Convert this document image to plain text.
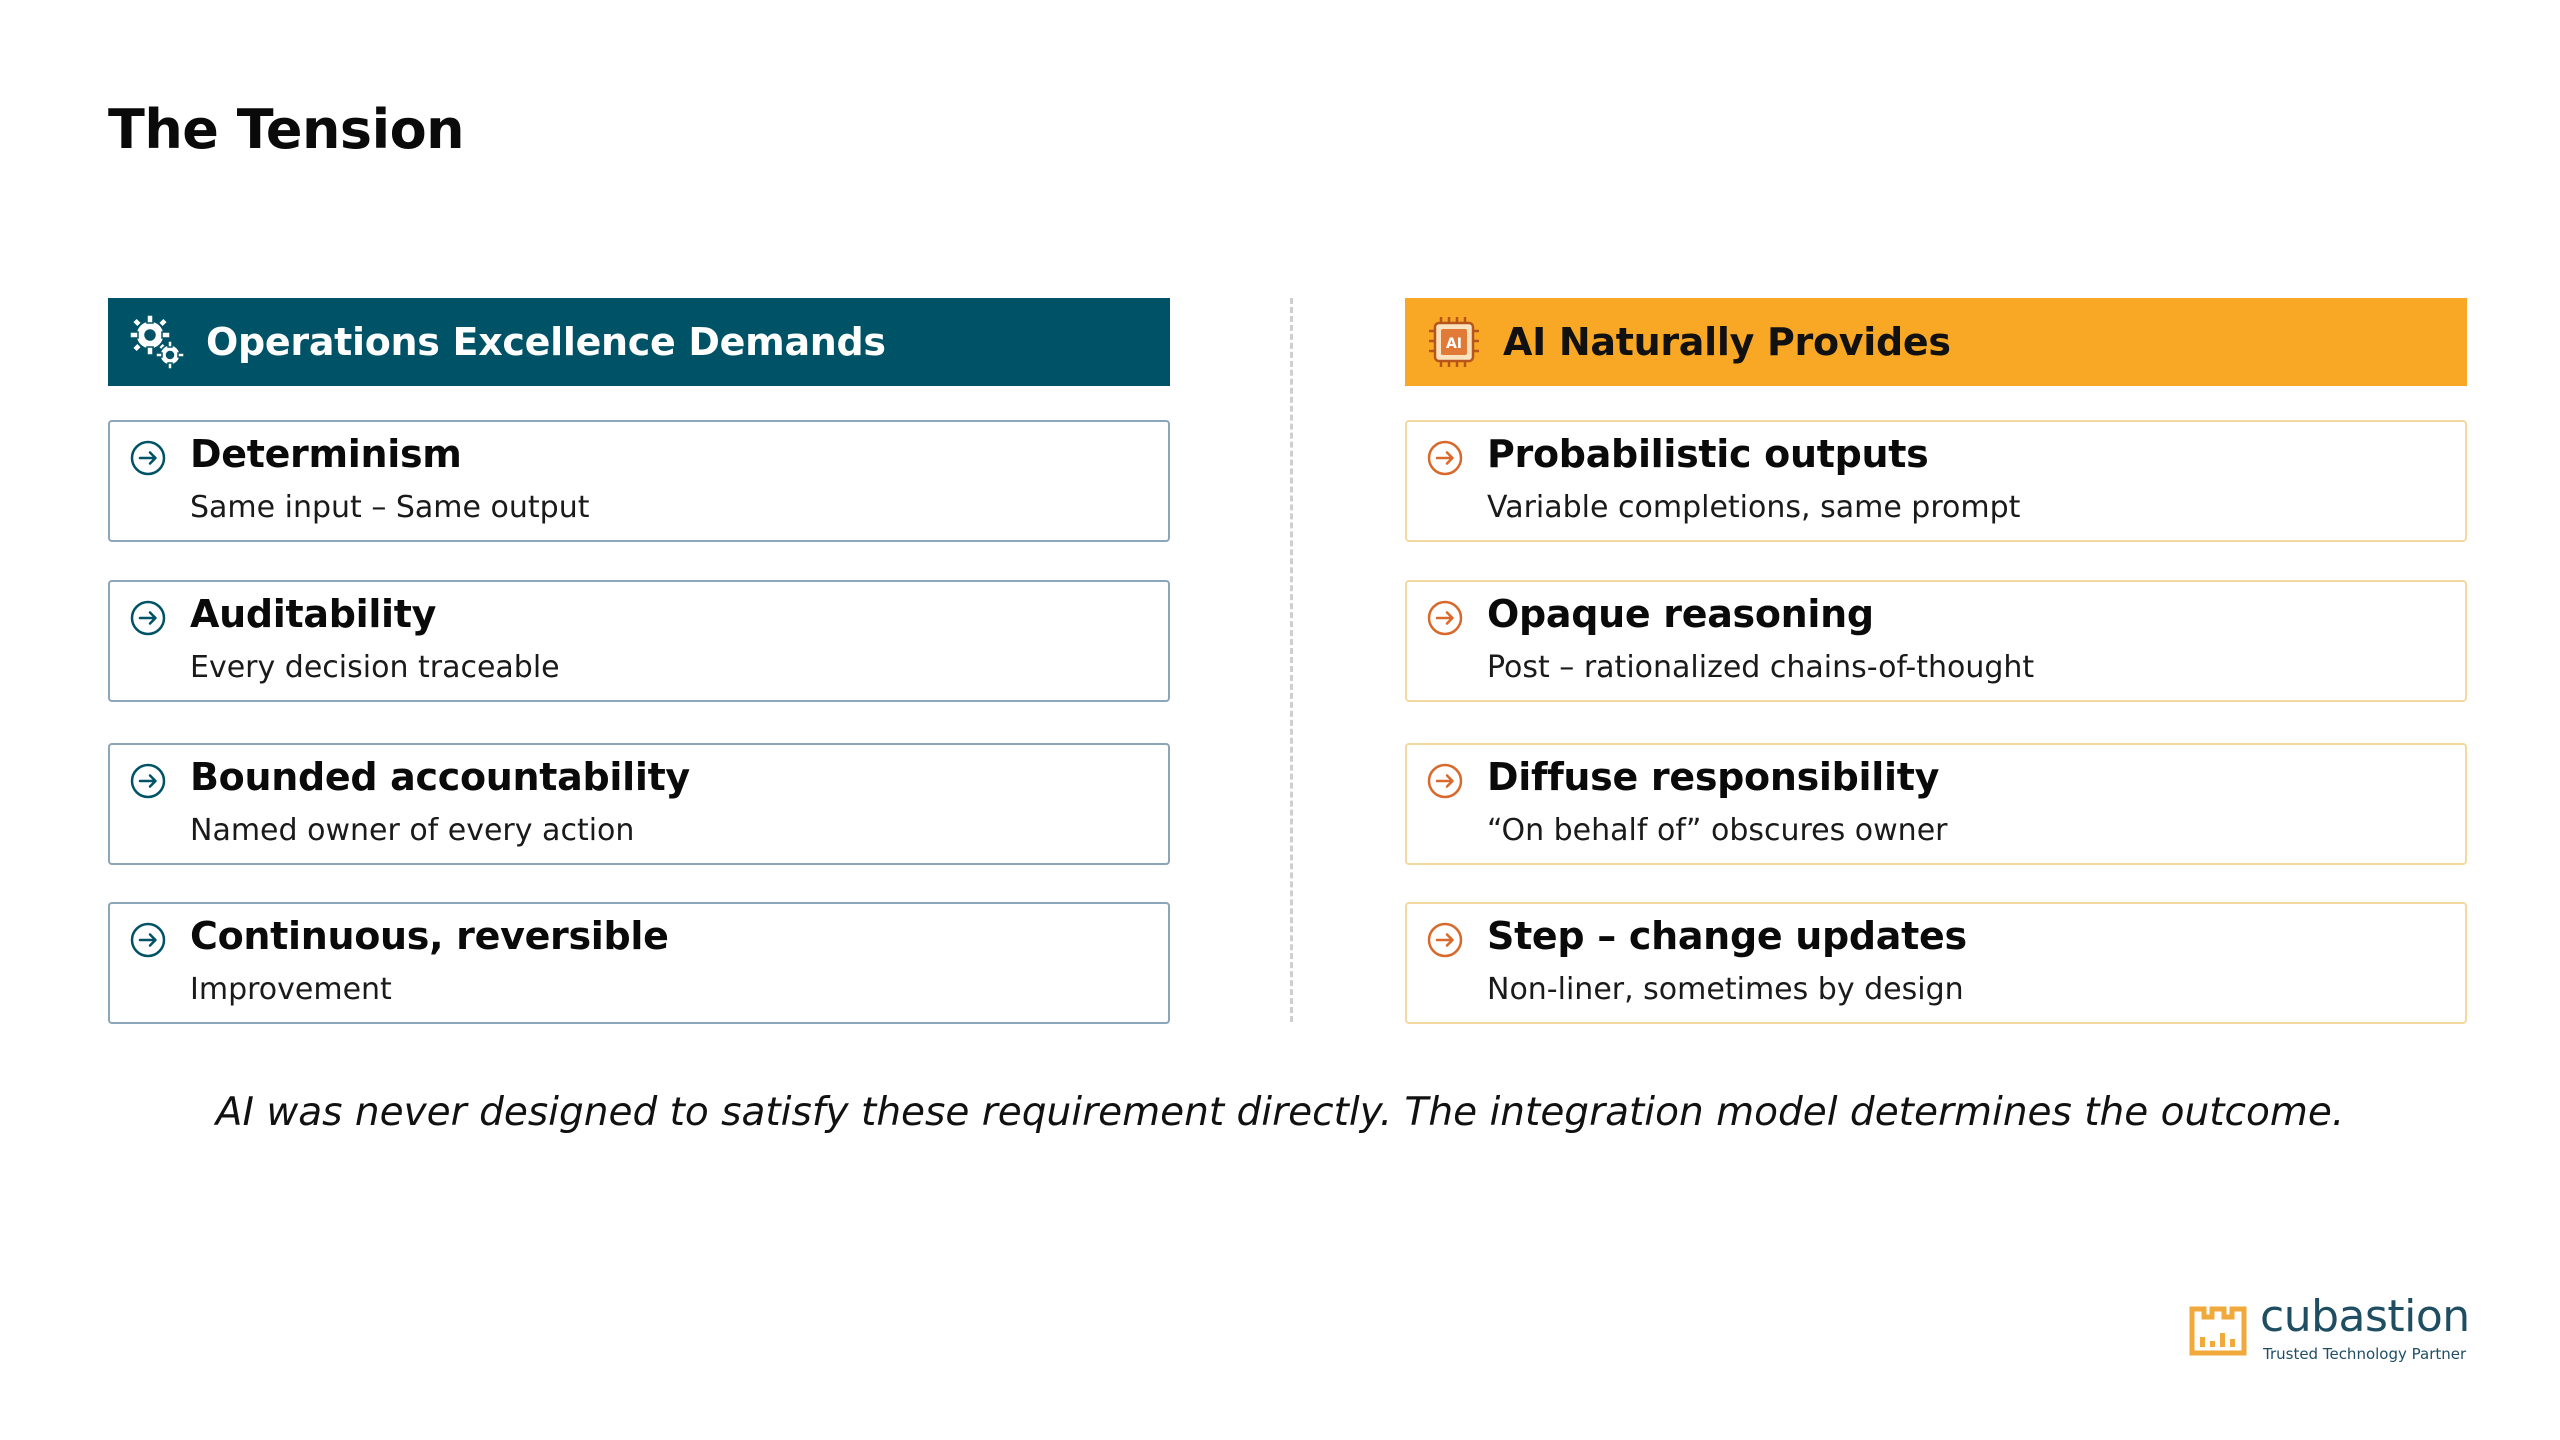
The Tension
Operations Excellence Demands
Determinism
Same input – Same output
Auditability
Every decision traceable
Bounded accountability
Named owner of every action
Continuous, reversible
Improvement
AI AI Naturally Provides
Probabilistic outputs
Variable completions, same prompt
Opaque reasoning
Post – rationalized chains-of-thought
Diffuse responsibility
“On behalf of” obscures owner
Step – change updates
Non-liner, sometimes by design

AI was never designed to satisfy these requirement directly. The integration model determines the outcome.

cubastion
Trusted Technology Partner
